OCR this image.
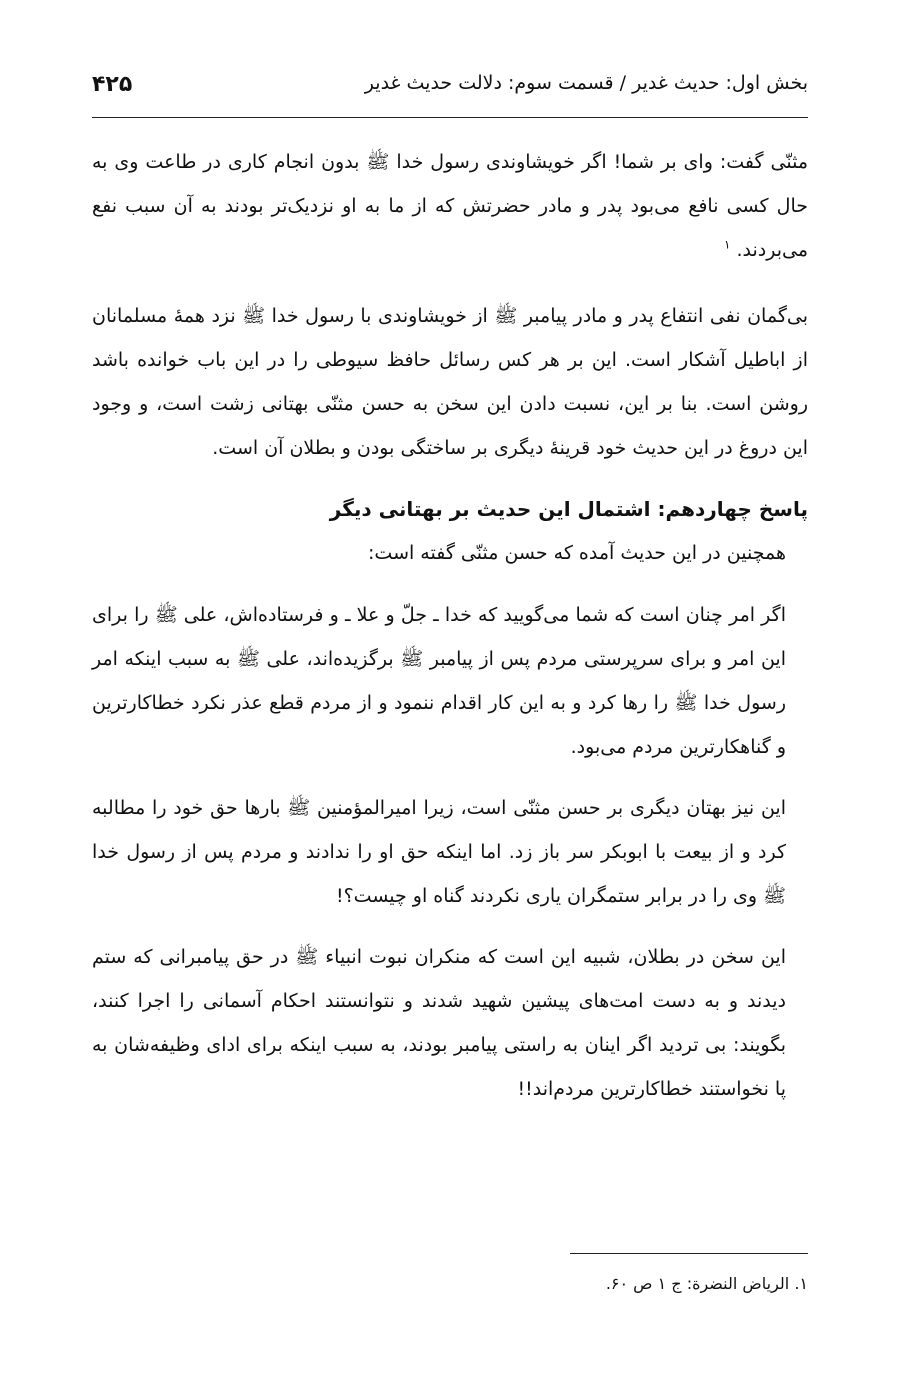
بخش اول: حدیث غدیر / قسمت سوم: دلالت حدیث غدیر
۴۲۵

مثنّی گفت: وای بر شما! اگر خویشاوندی رسول خدا ﷺ بدون انجام کاری در طاعت وی به حال کسی نافع می‌بود پدر و مادر حضرتش که از ما به او نزدیک‌تر بودند به آن سبب نفع می‌بردند. $^۱$

بی‌گمان نفی انتفاع پدر و مادر پیامبر ﷺ از خویشاوندی با رسول خدا ﷺ نزد همهٔ مسلمانان از اباطیل آشکار است. این بر هر کس رسائل حافظ سیوطی را در این باب خوانده باشد روشن است. بنا بر این، نسبت دادن این سخن به حسن مثنّی بهتانی زشت است، و وجود این دروغ در این حدیث خود قرینهٔ دیگری بر ساختگی بودن و بطلان آن است.

پاسخ چهاردهم: اشتمال این حدیث بر بهتانی دیگر

همچنین در این حدیث آمده که حسن مثنّی گفته است:

اگر امر چنان است که شما می‌گویید که خدا ـ جلّ و علا ـ و فرستاده‌اش، علی ﷺ را برای این امر و برای سرپرستی مردم پس از پیامبر ﷺ برگزیده‌اند، علی ﷺ به سبب اینکه امر رسول خدا ﷺ را رها کرد و به این کار اقدام ننمود و از مردم قطع عذر نکرد خطاکارترین و گناهکارترین مردم می‌بود.

این نیز بهتان دیگری بر حسن مثنّی است، زیرا امیرالمؤمنین ﷺ بارها حق خود را مطالبه کرد و از بیعت با ابوبکر سر باز زد. اما اینکه حق او را ندادند و مردم پس از رسول خدا ﷺ وی را در برابر ستمگران یاری نکردند گناه او چیست؟!

این سخن در بطلان، شبیه این است که منکران نبوت انبیاء ﷺ در حق پیامبرانی که ستم دیدند و به دست امت‌های پیشین شهید شدند و نتوانستند احکام آسمانی را اجرا کنند، بگویند: بی تردید اگر اینان به راستی پیامبر بودند، به سبب اینکه برای ادای وظیفه‌شان به پا نخواستند خطاکارترین مردم‌اند!!

۱. الریاض النضرة: ج ۱ ص ۶۰.
